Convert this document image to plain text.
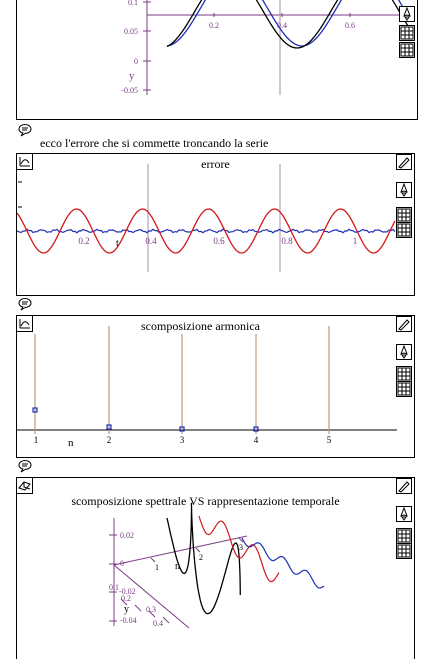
0.1
0.05
0
-0.05
0.2	0.4	0.6
y
ecco l'errore che si commette troncando la serie
errore
0.2	0.4	0.6	0.8	1
t
scomposizione armonica
1	2	3	4	5
n
scomposizione spettrale VS rappresentazione temporale
0.02
0
-0.02
-0.04
1
2
3
0.1
0.2
0.3
0.4
n
y
